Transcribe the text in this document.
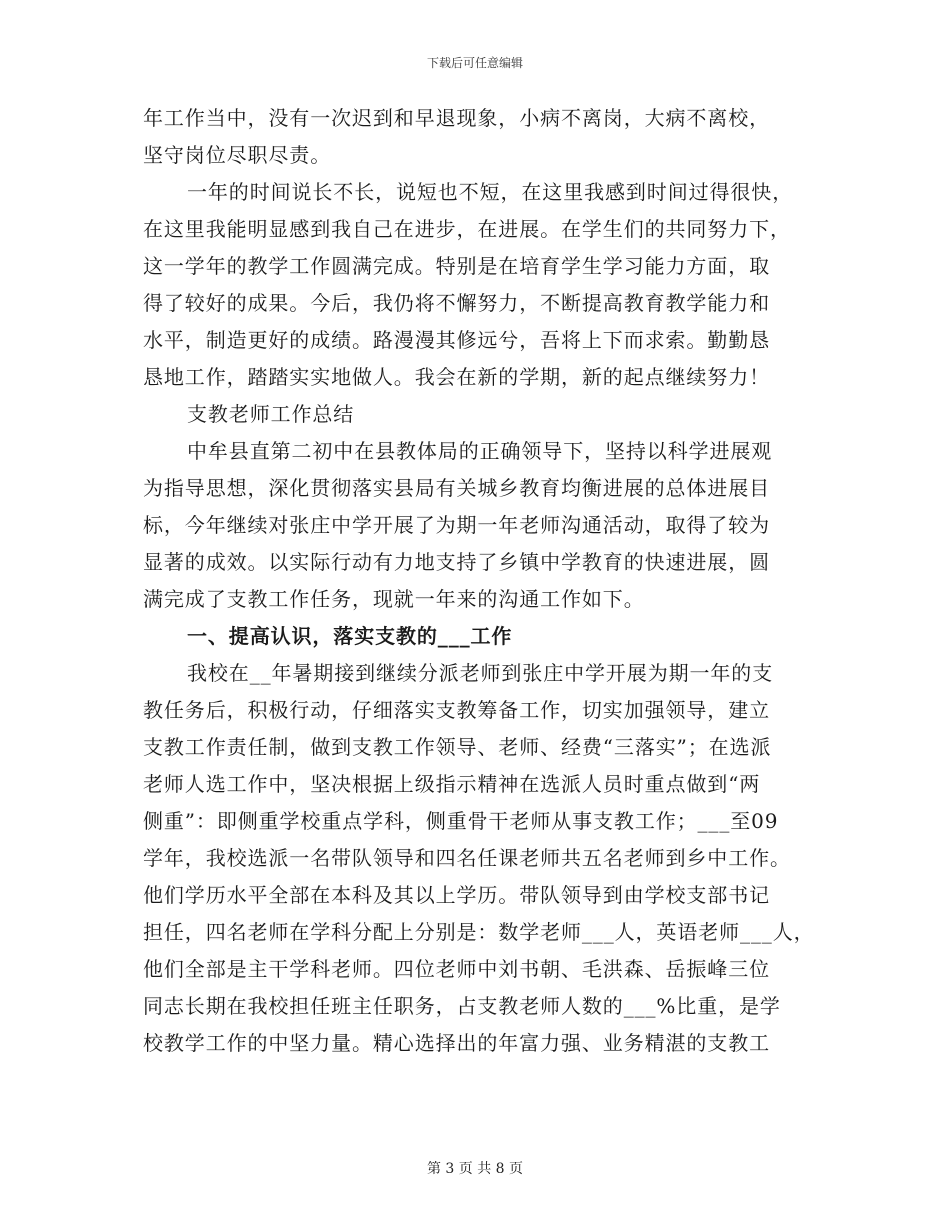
下载后可任意编辑
年工作当中，没有一次迟到和早退现象，小病不离岗，大病不离校，
坚守岗位尽职尽责。
一年的时间说长不长，说短也不短，在这里我感到时间过得很快，
在这里我能明显感到我自己在进步，在进展。在学生们的共同努力下，
这一学年的教学工作圆满完成。特别是在培育学生学习能力方面，取
得了较好的成果。今后，我仍将不懈努力，不断提高教育教学能力和
水平，制造更好的成绩。路漫漫其修远兮，吾将上下而求索。勤勤恳
恳地工作，踏踏实实地做人。我会在新的学期，新的起点继续努力！
支教老师工作总结
中牟县直第二初中在县教体局的正确领导下，坚持以科学进展观
为指导思想，深化贯彻落实县局有关城乡教育均衡进展的总体进展目
标，今年继续对张庄中学开展了为期一年老师沟通活动，取得了较为
显著的成效。以实际行动有力地支持了乡镇中学教育的快速进展，圆
满完成了支教工作任务，现就一年来的沟通工作如下。
一、提高认识，落实支教的___工作
我校在__年暑期接到继续分派老师到张庄中学开展为期一年的支
教任务后，积极行动，仔细落实支教筹备工作，切实加强领导，建立
支教工作责任制，做到支教工作领导、老师、经费“三落实”；在选派
老师人选工作中，坚决根据上级指示精神在选派人员时重点做到“两
侧重”：即侧重学校重点学科，侧重骨干老师从事支教工作；___至09
学年，我校选派一名带队领导和四名任课老师共五名老师到乡中工作。
他们学历水平全部在本科及其以上学历。带队领导到由学校支部书记
担任，四名老师在学科分配上分别是：数学老师___人，英语老师___人，
他们全部是主干学科老师。四位老师中刘书朝、毛洪森、岳振峰三位
同志长期在我校担任班主任职务，占支教老师人数的___%比重，是学
校教学工作的中坚力量。精心选择出的年富力强、业务精湛的支教工
第 3 页 共 8 页
